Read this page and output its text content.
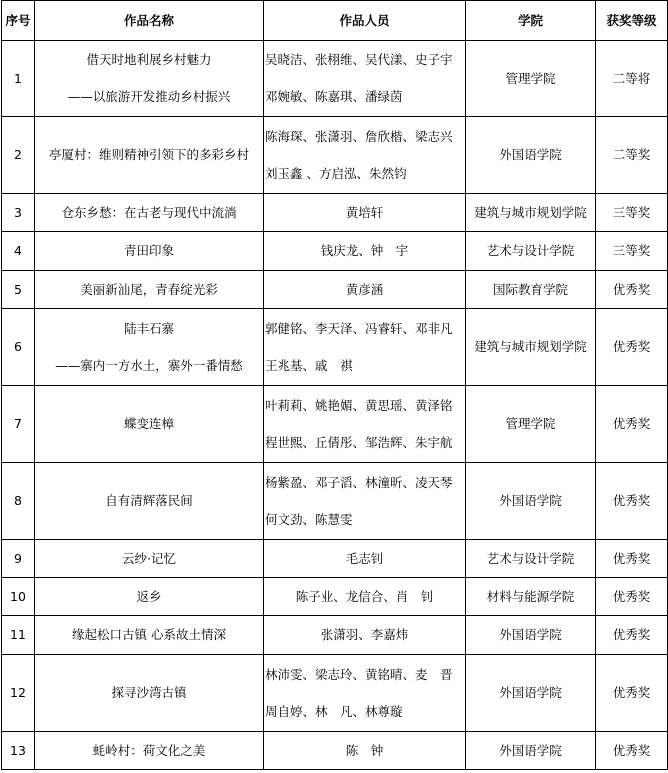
序号	作品名称	作品人员	学院	获奖等级
1	借天时地利展乡村魅力
——以旅游开发推动乡村振兴	吴晓洁、张栩维、吴代漾、史子宇
邓婉敏、陈嘉琪、潘绿茵	管理学院	二等将
2	亭厦村：维则精神引领下的多彩乡村	陈海琛、张潇羽、詹欣楷、梁志兴
刘玉鑫 、方启泓、朱然钧	外国语学院	二等奖
3	仓东乡愁：在古老与现代中流淌	黄培轩	建筑与城市规划学院	三等奖
4	青田印象	钱庆龙、钟　宇	艺术与设计学院	三等奖
5	美丽新汕尾，青春绽光彩	黄彦涵	国际教育学院	优秀奖
6	陆丰石寨
——寨内一方水土，寨外一番情愁	郭健铭、李天泽、冯睿轩、邓非凡
王兆基、戚　祺	建筑与城市规划学院	优秀奖
7	蝶变连樟	叶莉莉、姚艳媚、黄思瑶、黄泽铭
程世熙、丘倩彤、邹浩辉、朱宇航	管理学院	优秀奖
8	自有清辉落民间	杨紫盈、邓子滔、林潼昕、凌天琴
何文劲、陈慧雯	外国语学院	优秀奖
9	云纱·记忆	毛志钊	艺术与设计学院	优秀奖
10	返乡	陈子业、龙信合、肖　钊	材料与能源学院	优秀奖
11	缘起松口古镇 心系故土情深	张潇羽、李嘉炜	外国语学院	优秀奖
12	探寻沙湾古镇	林沛雯、梁志玲、黄铭晴、麦　晋
周自婷、林　凡、林尊璇	外国语学院	优秀奖
13	蚝岭村：荷文化之美	陈　钟	外国语学院	优秀奖
